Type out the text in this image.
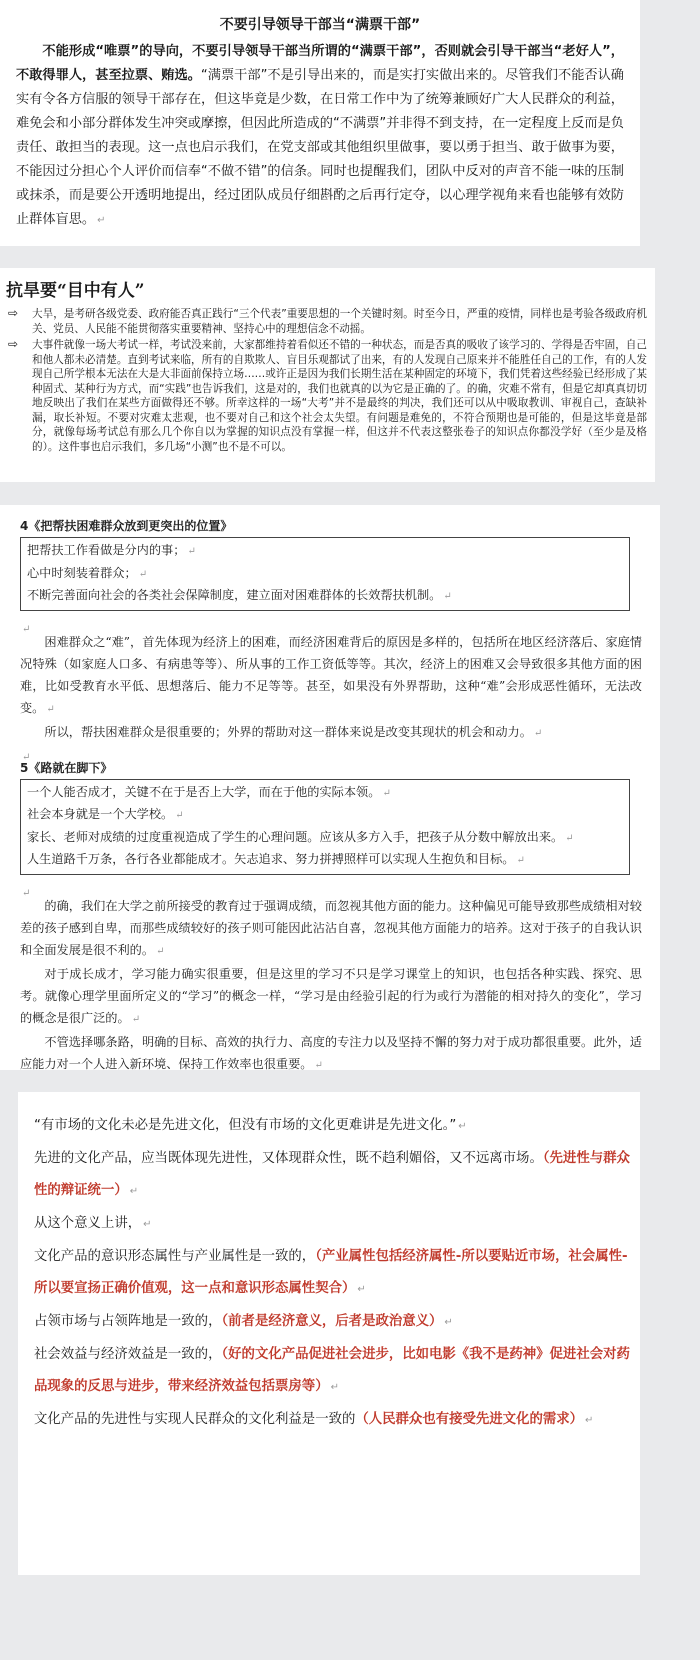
不要引导领导干部当“满票干部”

不能形成“唯票”的导向，不要引导领导干部当所谓的“满票干部”，否则就会引导干部当“老好人”，不敢得罪人，甚至拉票、贿选。“满票干部”不是引导出来的，而是实打实做出来的。尽管我们不能否认确实有令各方信服的领导干部存在，但这毕竟是少数，在日常工作中为了统筹兼顾好广大人民群众的利益，难免会和小部分群体发生冲突或摩擦，但因此所造成的“不满票”并非得不到支持，在一定程度上反而是负责任、敢担当的表现。这一点也启示我们，在党支部或其他组织里做事，要以勇于担当、敢于做事为要，不能因过分担心个人评价而信奉“不做不错”的信条。同时也提醒我们，团队中反对的声音不能一味的压制或抹杀，而是要公开透明地提出，经过团队成员仔细斟酌之后再行定夺，以心理学视角来看也能够有效防止群体盲思。 ↵

抗旱要“目中有人”
⇨ 大旱，是考研各级党委、政府能否真正践行“三个代表”重要思想的一个关键时刻。时至今日，严重的疫情，同样也是考验各级政府机关、党员、人民能不能贯彻落实重要精神、坚持心中的理想信念不动摇。
⇨ 大事件就像一场大考试一样，考试没来前，大家都维持着看似还不错的一种状态，而是否真的吸收了该学习的、学得是否牢固，自己和他人都未必清楚。直到考试来临，所有的自欺欺人、盲目乐观都试了出来，有的人发现自己原来并不能胜任自己的工作，有的人发现自己所学根本无法在大是大非面前保持立场……或许正是因为我们长期生活在某种固定的环境下，我们凭着这些经验已经形成了某种固式、某种行为方式，而“实践”也告诉我们，这是对的，我们也就真的以为它是正确的了。的确，灾难不常有，但是它却真真切切地反映出了我们在某些方面做得还不够。所幸这样的一场“大考”并不是最终的判决，我们还可以从中吸取教训、审视自己，查缺补漏，取长补短。不要对灾难太悲观，也不要对自己和这个社会太失望。有问题是难免的，不符合预期也是可能的，但是这毕竟是部分，就像每场考试总有那么几个你自以为掌握的知识点没有掌握一样，但这并不代表这整张卷子的知识点你都没学好（至少是及格的）。这件事也启示我们，多几场“小测”也不是不可以。

4《把帮扶困难群众放到更突出的位置》

把帮扶工作看做是分内的事； ↵

心中时刻装着群众； ↵

不断完善面向社会的各类社会保障制度，建立面对困难群体的长效帮扶机制。 ↵

↵

困难群众之“难”，首先体现为经济上的困难，而经济困难背后的原因是多样的，包括所在地区经济落后、家庭情况特殊（如家庭人口多、有病患等等）、所从事的工作工资低等等。其次，经济上的困难又会导致很多其他方面的困难，比如受教育水平低、思想落后、能力不足等等。甚至，如果没有外界帮助，这种“难”会形成恶性循环，无法改变。 ↵

所以，帮扶困难群众是很重要的；外界的帮助对这一群体来说是改变其现状的机会和动力。 ↵

↵

5《路就在脚下》

一个人能否成才，关键不在于是否上大学，而在于他的实际本领。 ↵

社会本身就是一个大学校。 ↵

家长、老师对成绩的过度重视造成了学生的心理问题。应该从多方入手，把孩子从分数中解放出来。 ↵

人生道路千万条，各行各业都能成才。矢志追求、努力拼搏照样可以实现人生抱负和目标。 ↵

↵

的确，我们在大学之前所接受的教育过于强调成绩，而忽视其他方面的能力。这种偏见可能导致那些成绩相对较差的孩子感到自卑，而那些成绩较好的孩子则可能因此沾沾自喜，忽视其他方面能力的培养。这对于孩子的自我认识和全面发展是很不利的。 ↵

对于成长成才，学习能力确实很重要，但是这里的学习不只是学习课堂上的知识，也包括各种实践、探究、思考。就像心理学里面所定义的“学习”的概念一样，“学习是由经验引起的行为或行为潜能的相对持久的变化”，学习的概念是很广泛的。 ↵

不管选择哪条路，明确的目标、高效的执行力、高度的专注力以及坚持不懈的努力对于成功都很重要。此外，适应能力对一个人进入新环境、保持工作效率也很重要。 ↵

“有市场的文化未必是先进文化，但没有市场的文化更难讲是先进文化。” ↵

先进的文化产品，应当既体现先进性，又体现群众性，既不趋利媚俗，又不远离市场。（先进性与群众性的辩证统一） ↵

从这个意义上讲， ↵

文化产品的意识形态属性与产业属性是一致的，（产业属性包括经济属性-所以要贴近市场，社会属性-所以要宣扬正确价值观，这一点和意识形态属性契合） ↵

占领市场与占领阵地是一致的，（前者是经济意义，后者是政治意义） ↵

社会效益与经济效益是一致的，（好的文化产品促进社会进步，比如电影《我不是药神》促进社会对药品现象的反思与进步，带来经济效益包括票房等） ↵

文化产品的先进性与实现人民群众的文化利益是一致的（人民群众也有接受先进文化的需求） ↵
